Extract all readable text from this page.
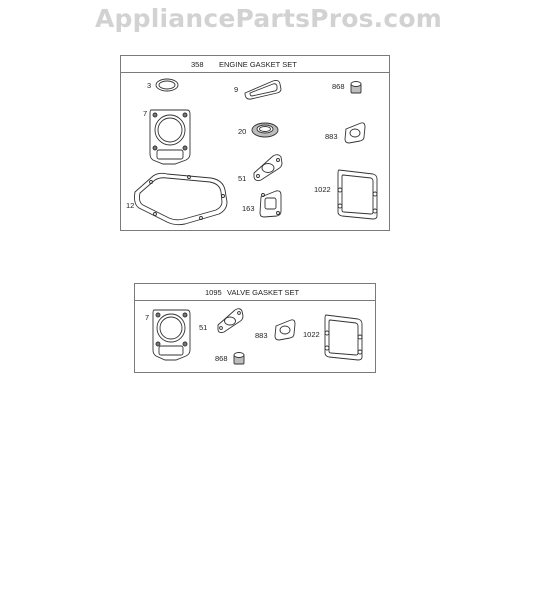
AppliancePartsPros.com
358 ENGINE GASKET SET
3	9	868
7
20
883
51
1022
12	163
1095 VALVE GASKET SET
7
51
883	1022
868
